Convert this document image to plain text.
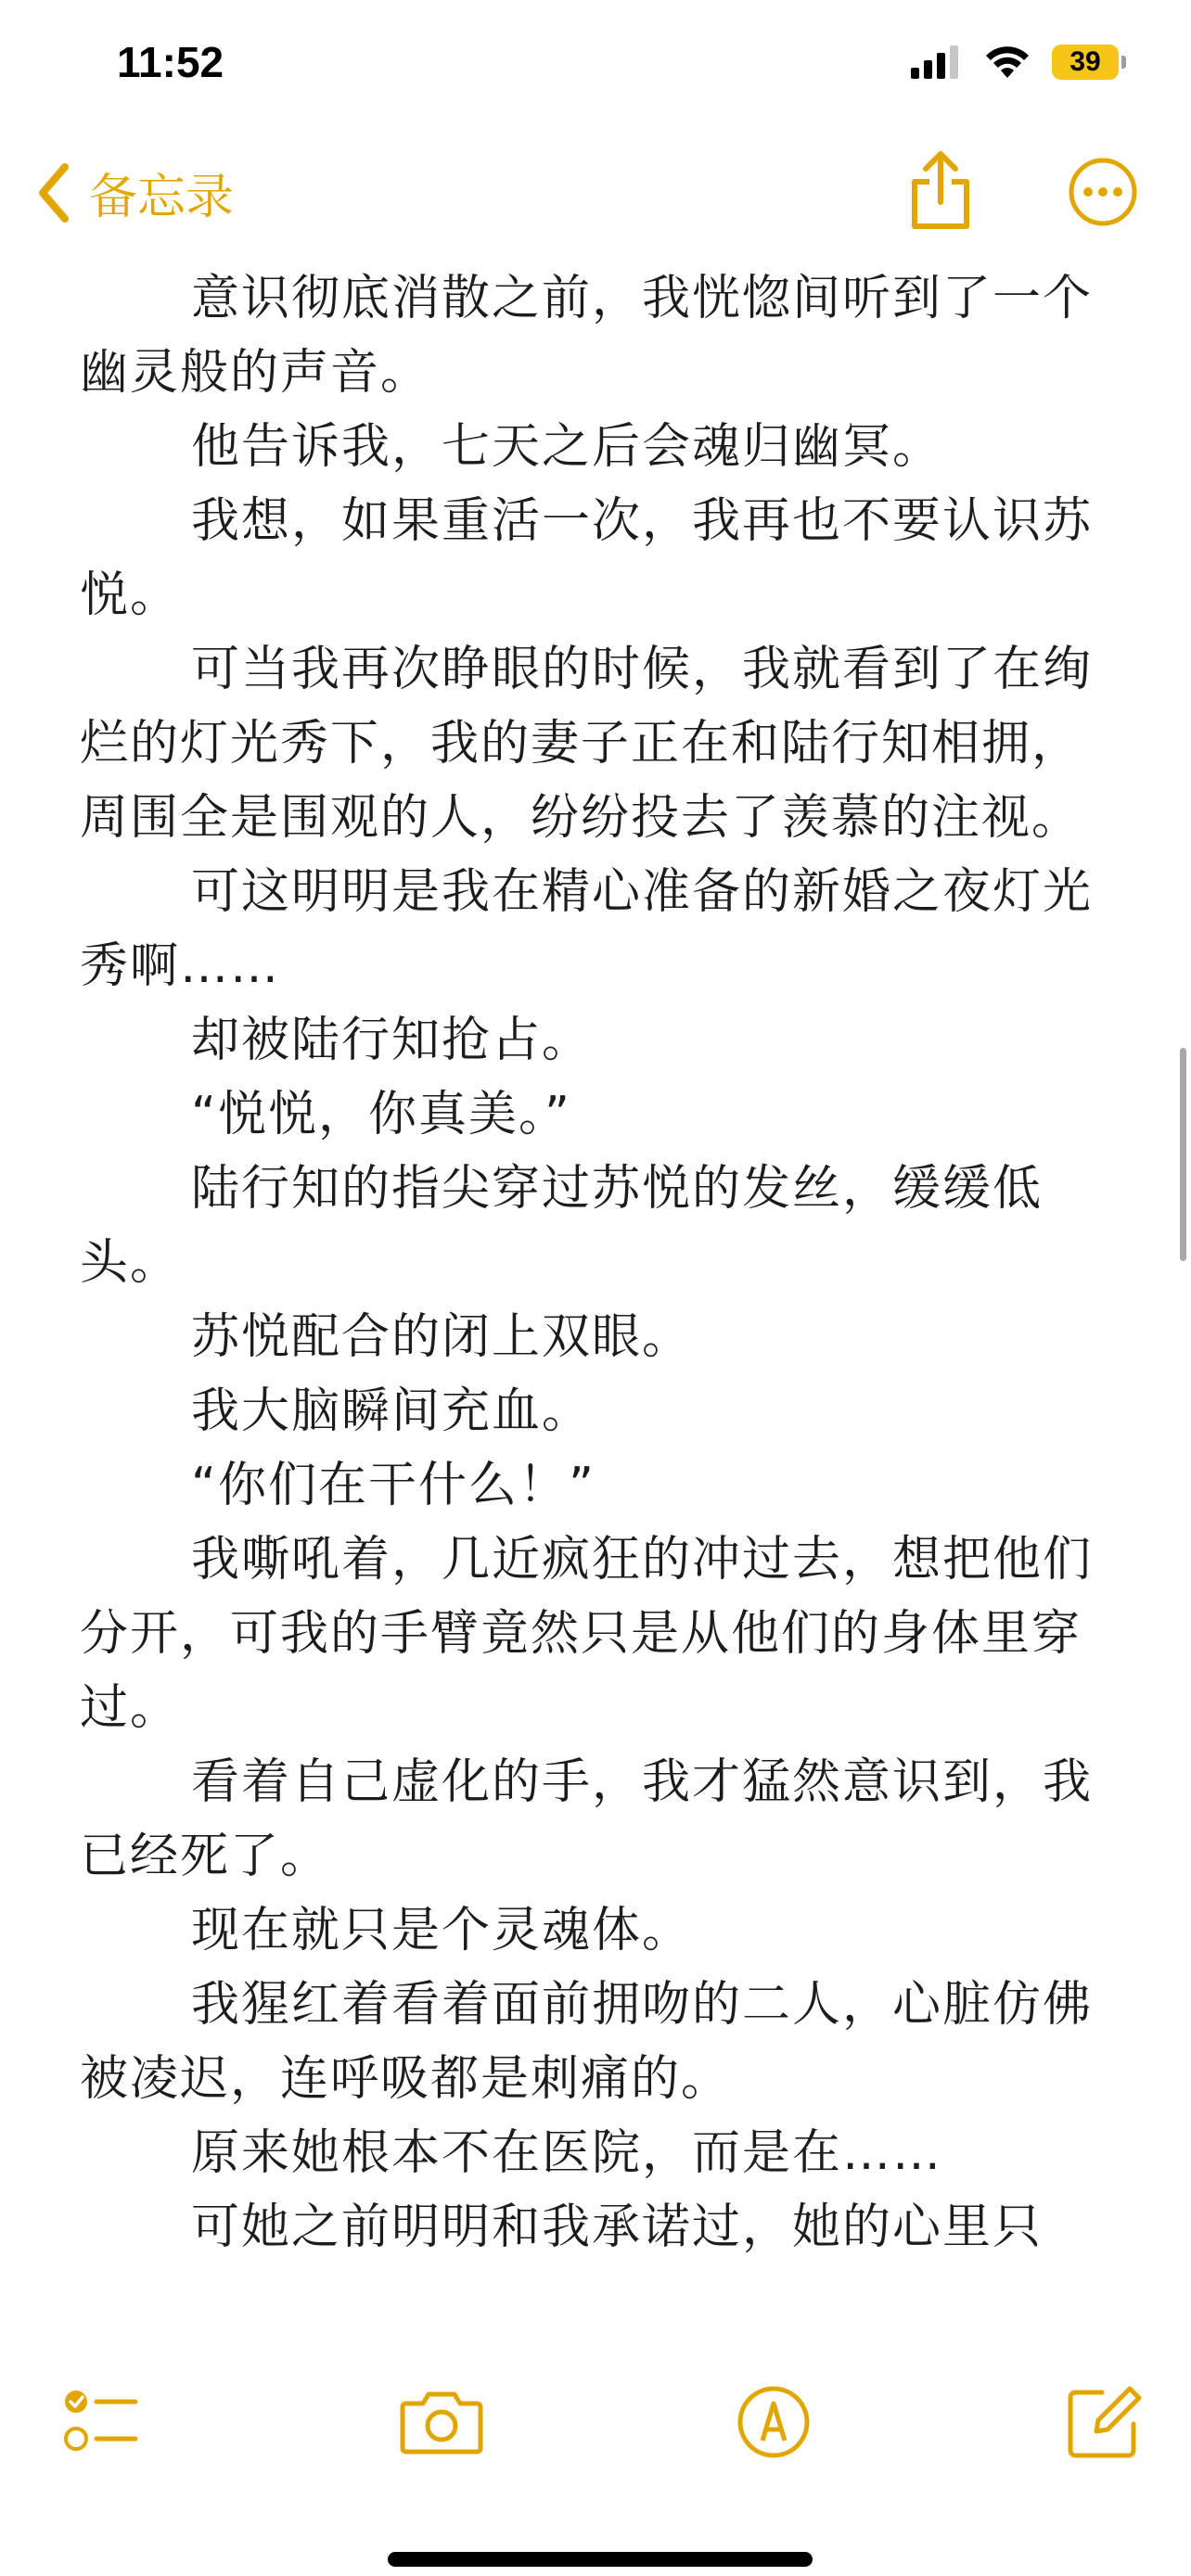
11:52	39

备忘录

意识彻底消散之前，我恍惚间听到了一个幽灵般的声音。

他告诉我，七天之后会魂归幽冥。

我想，如果重活一次，我再也不要认识苏悦。

可当我再次睁眼的时候，我就看到了在绚烂的灯光秀下，我的妻子正在和陆行知相拥，周围全是围观的人，纷纷投去了羡慕的注视。

可这明明是我在精心准备的新婚之夜灯光秀啊……

却被陆行知抢占。

“悦悦，你真美。”

陆行知的指尖穿过苏悦的发丝，缓缓低头。

苏悦配合的闭上双眼。

我大脑瞬间充血。

“你们在干什么！”

我嘶吼着，几近疯狂的冲过去，想把他们分开，可我的手臂竟然只是从他们的身体里穿过。

看着自己虚化的手，我才猛然意识到，我已经死了。

现在就只是个灵魂体。

我猩红着看着面前拥吻的二人，心脏仿佛被凌迟，连呼吸都是刺痛的。

原来她根本不在医院，而是在……

可她之前明明和我承诺过，她的心里只
